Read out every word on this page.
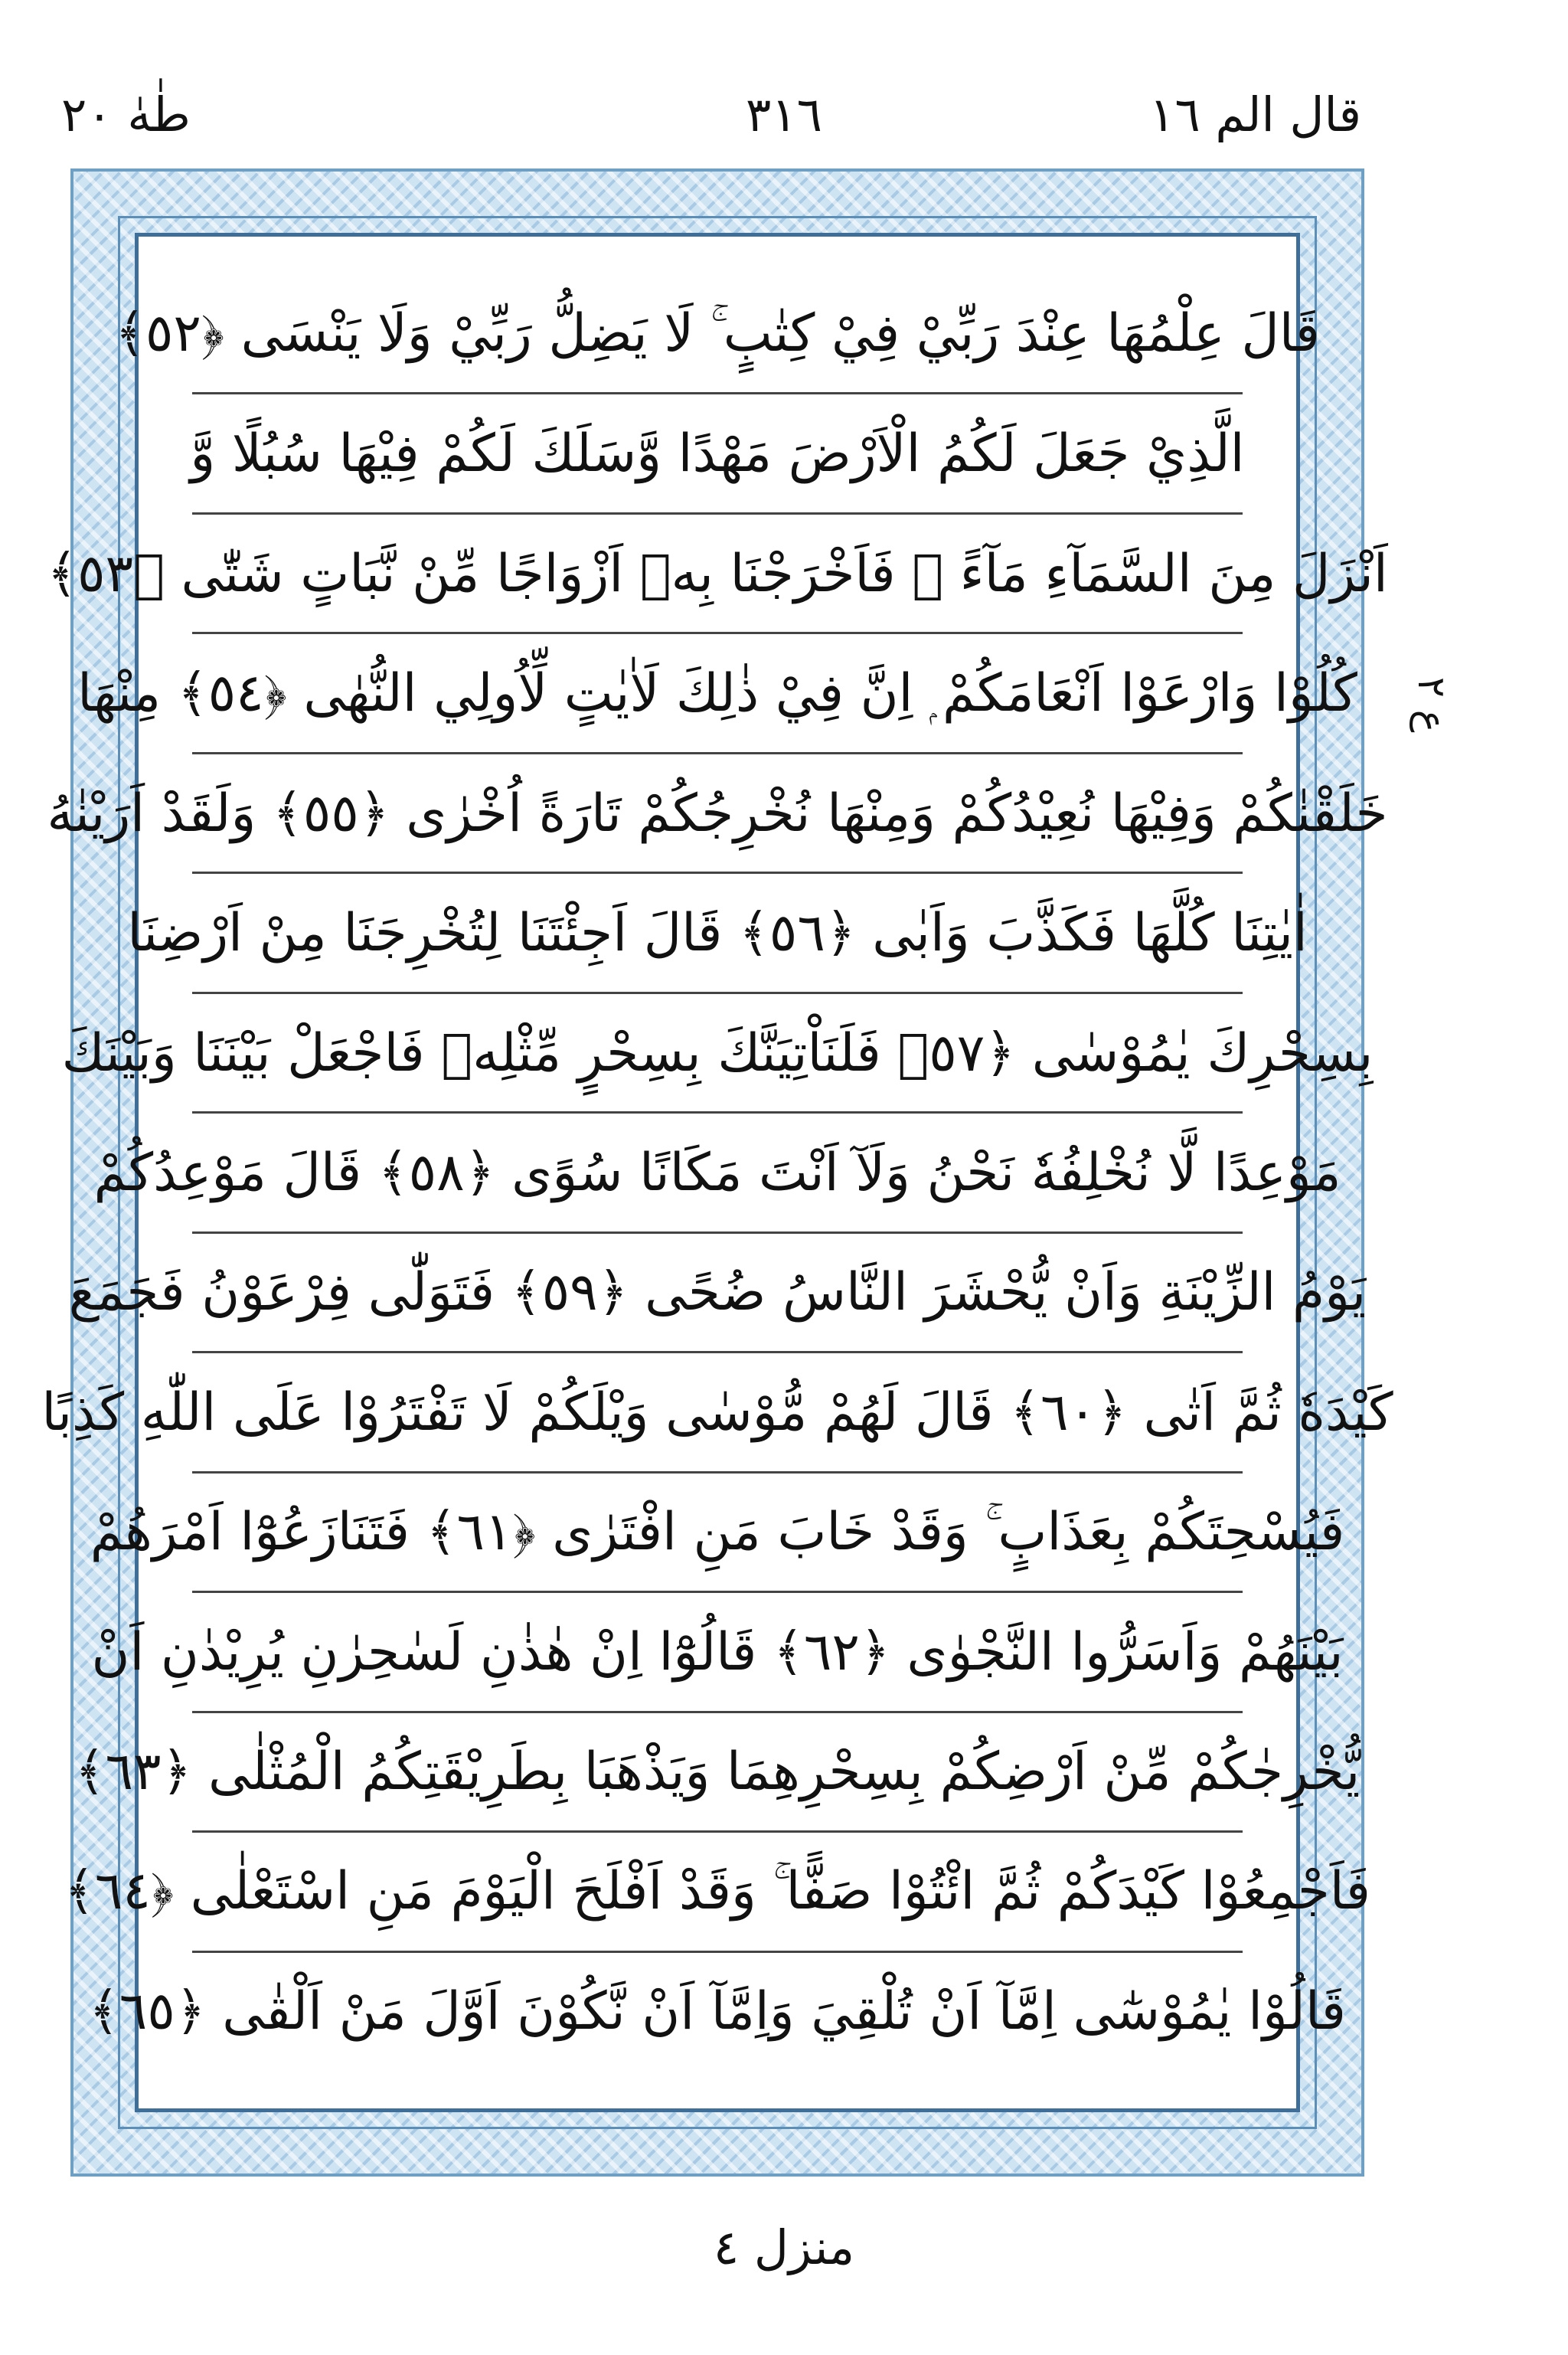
طٰهٰ ٢٠	٣١٦	قال الم ١٦
قَالَ عِلْمُهَا عِنْدَ رَبِّيْ فِيْ كِتٰبٍ ۚ لَا يَضِلُّ رَبِّيْ وَلَا يَنْسَى ﴿٥٢﴾
الَّذِيْ جَعَلَ لَكُمُ الْاَرْضَ مَهْدًا وَّسَلَكَ لَكُمْ فِيْهَا سُبُلًا وَّ
اَنْزَلَ مِنَ السَّمَآءِ مَآءً ۭ فَاَخْرَجْنَا بِهٖ اَزْوَاجًا مِّنْ نَّبَاتٍ شَتّٰى ﴿٥٣﴾
كُلُوْا وَارْعَوْا اَنْعَامَكُمْ ۭ اِنَّ فِيْ ذٰلِكَ لَاٰيٰتٍ لِّاُولِي النُّهٰى ﴿٥٤﴾ مِنْهَا
خَلَقْنٰكُمْ وَفِيْهَا نُعِيْدُكُمْ وَمِنْهَا نُخْرِجُكُمْ تَارَةً اُخْرٰى ﴿٥٥﴾ وَلَقَدْ اَرَيْنٰهُ
اٰيٰتِنَا كُلَّهَا فَكَذَّبَ وَاَبٰى ﴿٥٦﴾ قَالَ اَجِئْتَنَا لِتُخْرِجَنَا مِنْ اَرْضِنَا
بِسِحْرِكَ يٰمُوْسٰى ﴿٥٧﴾ فَلَنَاْتِيَنَّكَ بِسِحْرٍ مِّثْلِهٖ فَاجْعَلْ بَيْنَنَا وَبَيْنَكَ
مَوْعِدًا لَّا نُخْلِفُهٗ نَحْنُ وَلَآ اَنْتَ مَكَانًا سُوًى ﴿٥٨﴾ قَالَ مَوْعِدُكُمْ
يَوْمُ الزِّيْنَةِ وَاَنْ يُّحْشَرَ النَّاسُ ضُحًى ﴿٥٩﴾ فَتَوَلّٰى فِرْعَوْنُ فَجَمَعَ
كَيْدَهٗ ثُمَّ اَتٰى ﴿٦٠﴾ قَالَ لَهُمْ مُّوْسٰى وَيْلَكُمْ لَا تَفْتَرُوْا عَلَى اللّٰهِ كَذِبًا
فَيُسْحِتَكُمْ بِعَذَابٍ ۚ وَقَدْ خَابَ مَنِ افْتَرٰى ﴿٦١﴾ فَتَنَازَعُوْٓا اَمْرَهُمْ
بَيْنَهُمْ وَاَسَرُّوا النَّجْوٰى ﴿٦٢﴾ قَالُوْٓا اِنْ هٰذٰنِ لَسٰحِرٰنِ يُرِيْدٰنِ اَنْ
يُّخْرِجٰكُمْ مِّنْ اَرْضِكُمْ بِسِحْرِهِمَا وَيَذْهَبَا بِطَرِيْقَتِكُمُ الْمُثْلٰى ﴿٦٣﴾
فَاَجْمِعُوْا كَيْدَكُمْ ثُمَّ ائْتُوْا صَفًّا ۚ وَقَدْ اَفْلَحَ الْيَوْمَ مَنِ اسْتَعْلٰى ﴿٦٤﴾
قَالُوْا يٰمُوْسٰٓى اِمَّآ اَنْ تُلْقِيَ وَاِمَّآ اَنْ نَّكُوْنَ اَوَّلَ مَنْ اَلْقٰى ﴿٦٥﴾
ع ٢
منزل ٤
